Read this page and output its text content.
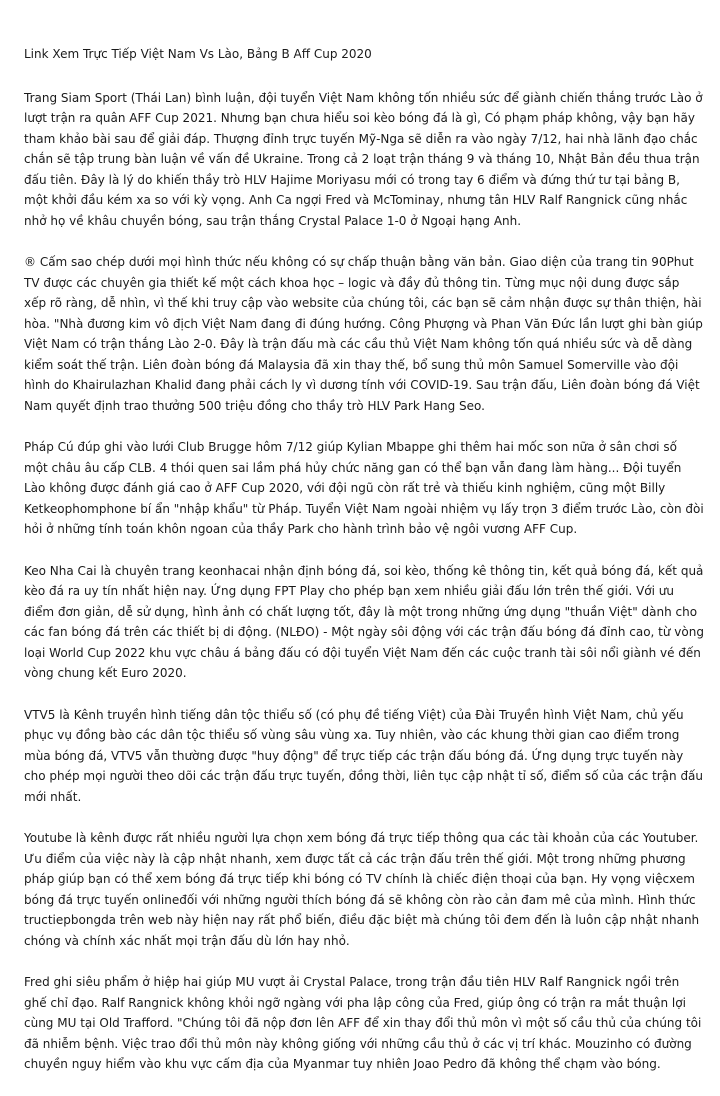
Link Xem Trực Tiếp Việt Nam Vs Lào, Bảng B Aff Cup 2020
Trang Siam Sport (Thái Lan) bình luận, đội tuyển Việt Nam không tốn nhiều sức để giành chiến thắng trước Lào ở lượt trận ra quân AFF Cup 2021. Nhưng bạn chưa hiểu soi kèo bóng đá là gì, Có phạm pháp không, vậy bạn hãy tham khảo bài sau để giải đáp. Thượng đỉnh trực tuyến Mỹ-Nga sẽ diễn ra vào ngày 7/12, hai nhà lãnh đạo chắc chắn sẽ tập trung bàn luận về vấn đề Ukraine. Trong cả 2 loạt trận tháng 9 và tháng 10, Nhật Bản đều thua trận đấu tiên. Đây là lý do khiến thầy trò HLV Hajime Moriyasu mới có trong tay 6 điểm và đứng thứ tư tại bảng B, một khởi đầu kém xa so với kỳ vọng. Anh Ca ngợi Fred và McTominay, nhưng tân HLV Ralf Rangnick cũng nhắc nhở họ về khâu chuyền bóng, sau trận thắng Crystal Palace 1-0 ở Ngoại hạng Anh.
® Cấm sao chép dưới mọi hình thức nếu không có sự chấp thuận bằng văn bản. Giao diện của trang tin 90Phut TV được các chuyên gia thiết kế một cách khoa học – logic và đầy đủ thông tin. Từng mục nội dung được sắp xếp rõ ràng, dễ nhìn, vì thế khi truy cập vào website của chúng tôi, các bạn sẽ cảm nhận được sự thân thiện, hài hòa. "Nhà đương kim vô địch Việt Nam đang đi đúng hướng. Công Phượng và Phan Văn Đức lần lượt ghi bàn giúp Việt Nam có trận thắng Lào 2-0. Đây là trận đấu mà các cầu thủ Việt Nam không tốn quá nhiều sức và dễ dàng kiểm soát thế trận. Liên đoàn bóng đá Malaysia đã xin thay thế, bổ sung thủ môn Samuel Somerville vào đội hình do Khairulazhan Khalid đang phải cách ly vì dương tính với COVID-19. Sau trận đấu, Liên đoàn bóng đá Việt Nam quyết định trao thưởng 500 triệu đồng cho thầy trò HLV Park Hang Seo.
Pháp Cú đúp ghi vào lưới Club Brugge hôm 7/12 giúp Kylian Mbappe ghi thêm hai mốc son nữa ở sân chơi số một châu âu cấp CLB. 4 thói quen sai lầm phá hủy chức năng gan có thể bạn vẫn đang làm hàng... Đội tuyển Lào không được đánh giá cao ở AFF Cup 2020, với đội ngũ còn rất trẻ và thiếu kinh nghiệm, cũng một Billy Ketkeophomphone bí ẩn "nhập khẩu" từ Pháp. Tuyển Việt Nam ngoài nhiệm vụ lấy trọn 3 điểm trước Lào, còn đòi hỏi ở những tính toán khôn ngoan của thầy Park cho hành trình bảo vệ ngôi vương AFF Cup.
Keo Nha Cai là chuyên trang keonhacai nhận định bóng đá, soi kèo, thống kê thông tin, kết quả bóng đá, kết quả kèo đá ra uy tín nhất hiện nay. Ứng dụng FPT Play cho phép bạn xem nhiều giải đấu lớn trên thế giới. Với ưu điểm đơn giản, dễ sử dụng, hình ảnh có chất lượng tốt, đây là một trong những ứng dụng "thuần Việt" dành cho các fan bóng đá trên các thiết bị di động. (NLĐO) - Một ngày sôi động với các trận đấu bóng đá đỉnh cao, từ vòng loại World Cup 2022 khu vực châu á bảng đấu có đội tuyển Việt Nam đến các cuộc tranh tài sôi nổi giành vé đến vòng chung kết Euro 2020.
VTV5 là Kênh truyền hình tiếng dân tộc thiểu số (có phụ đề tiếng Việt) của Đài Truyền hình Việt Nam, chủ yếu phục vụ đồng bào các dân tộc thiểu số vùng sâu vùng xa. Tuy nhiên, vào các khung thời gian cao điểm trong mùa bóng đá, VTV5 vẫn thường được "huy động" để trực tiếp các trận đấu bóng đá. Ứng dụng trực tuyến này cho phép mọi người theo dõi các trận đấu trực tuyến, đồng thời, liên tục cập nhật tỉ số, điểm số của các trận đấu mới nhất.
Youtube là kênh được rất nhiều người lựa chọn xem bóng đá trực tiếp thông qua các tài khoản của các Youtuber. Ưu điểm của việc này là cập nhật nhanh, xem được tất cả các trận đấu trên thế giới. Một trong những phương pháp giúp bạn có thể xem bóng đá trực tiếp khi bóng có TV chính là chiếc điện thoại của bạn. Hy vọng việcxem bóng đá trực tuyến onlineđối với những người thích bóng đá sẽ không còn rào cản đam mê của mình. Hình thức tructiepbongda trên web này hiện nay rất phổ biến, điều đặc biệt mà chúng tôi đem đến là luôn cập nhật nhanh chóng và chính xác nhất mọi trận đấu dù lớn hay nhỏ.
Fred ghi siêu phẩm ở hiệp hai giúp MU vượt ải Crystal Palace, trong trận đầu tiên HLV Ralf Rangnick ngồi trên ghế chỉ đạo. Ralf Rangnick không khỏi ngỡ ngàng với pha lập công của Fred, giúp ông có trận ra mắt thuận lợi cùng MU tại Old Trafford. "Chúng tôi đã nộp đơn lên AFF để xin thay đổi thủ môn vì một số cầu thủ của chúng tôi đã nhiễm bệnh. Việc trao đổi thủ môn này không giống với những cầu thủ ở các vị trí khác. Mouzinho có đường chuyền nguy hiểm vào khu vực cấm địa của Myanmar tuy nhiên Joao Pedro đã không thể chạm vào bóng.
